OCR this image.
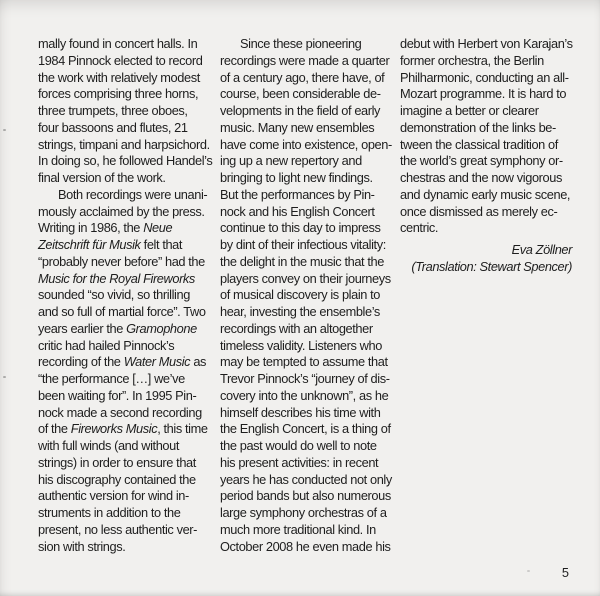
mally found in concert halls. In
1984 Pinnock elected to record
the work with relatively modest
forces comprising three horns,
three trumpets, three oboes,
four bassoons and flutes, 21
strings, timpani and harpsichord.
In doing so, he followed Handel’s
final version of the work.
Both recordings were unani-
mously acclaimed by the press.
Writing in 1986, the Neue
Zeitschrift für Musik felt that
“probably never before” had the
Music for the Royal Fireworks
sounded “so vivid, so thrilling
and so full of martial force”. Two
years earlier the Gramophone
critic had hailed Pinnock’s
recording of the Water Music as
“the performance […] we’ve
been waiting for”. In 1995 Pin-
nock made a second recording
of the Fireworks Music, this time
with full winds (and without
strings) in order to ensure that
his discography contained the
authentic version for wind in-
struments in addition to the
present, no less authentic ver-
sion with strings.
Since these pioneering
recordings were made a quarter
of a century ago, there have, of
course, been considerable de-
velopments in the field of early
music. Many new ensembles
have come into existence, open-
ing up a new repertory and
bringing to light new findings.
But the performances by Pin-
nock and his English Concert
continue to this day to impress
by dint of their infectious vitality:
the delight in the music that the
players convey on their journeys
of musical discovery is plain to
hear, investing the ensemble’s
recordings with an altogether
timeless validity. Listeners who
may be tempted to assume that
Trevor Pinnock’s “journey of dis-
covery into the unknown”, as he
himself describes his time with
the English Concert, is a thing of
the past would do well to note
his present activities: in recent
years he has conducted not only
period bands but also numerous
large symphony orchestras of a
much more traditional kind. In
October 2008 he even made his
debut with Herbert von Karajan’s
former orchestra, the Berlin
Philharmonic, conducting an all-
Mozart programme. It is hard to
imagine a better or clearer
demonstration of the links be-
tween the classical tradition of
the world’s great symphony or-
chestras and the now vigorous
and dynamic early music scene,
once dismissed as merely ec-
centric.
Eva Zöllner
(Translation: Stewart Spencer)
5
